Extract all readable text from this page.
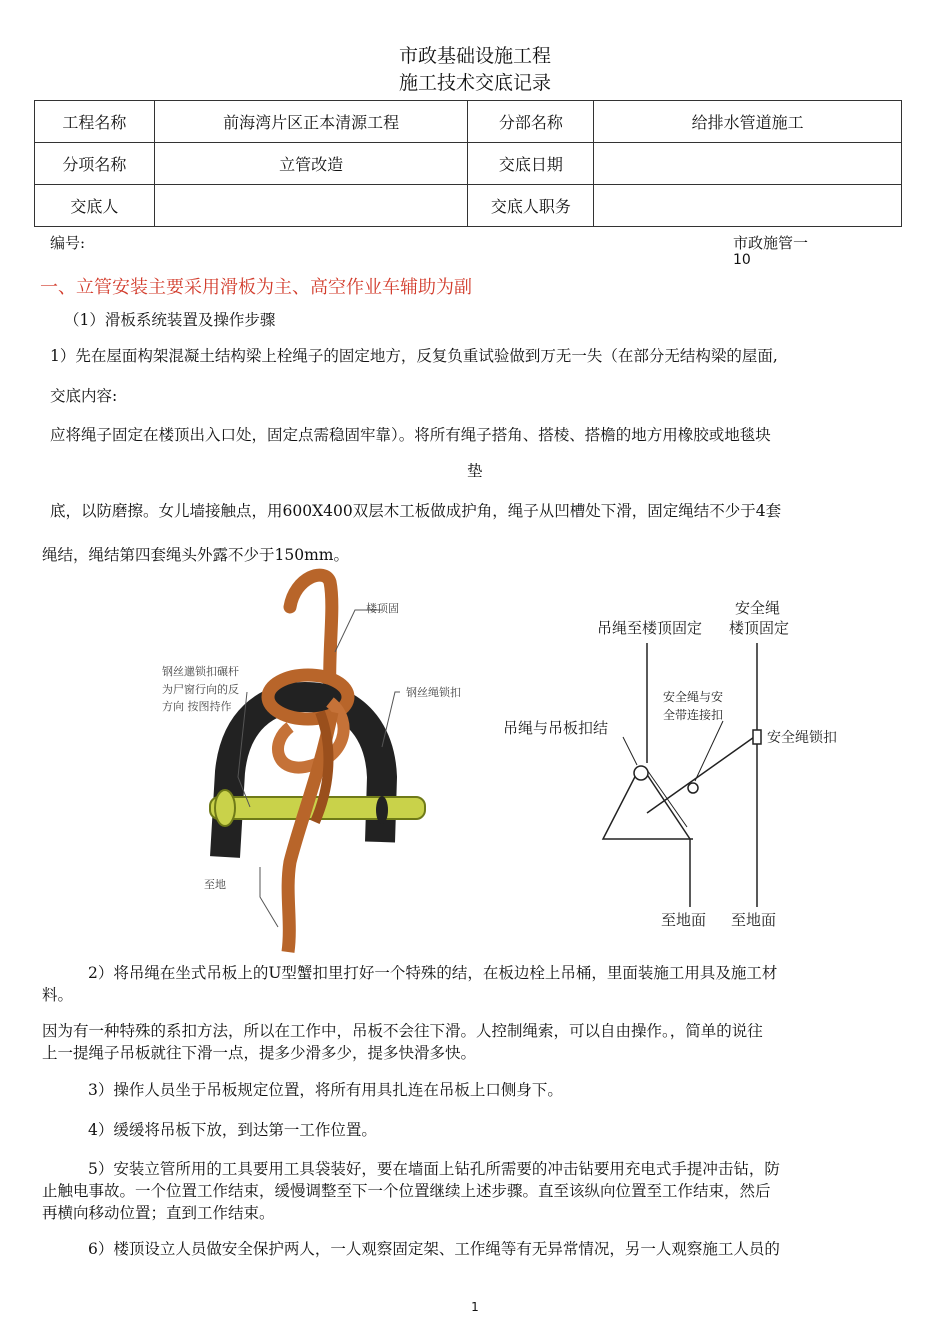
市政基础设施工程
施工技术交底记录
工程名称	前海湾片区正本清源工程	分部名称	给排水管道施工
分项名称	立管改造	交底日期	
交底人		交底人职务	
编号:	市政施管一
10
一、立管安装主要采用滑板为主、高空作业车辅助为副
（1）滑板系统装置及操作步骤
1）先在屋面构架混凝土结构梁上栓绳子的固定地方，反复负重试验做到万无一失（在部分无结构梁的屋面,
交底内容:
应将绳子固定在楼顶出入口处，固定点需稳固牢靠）。将所有绳子搭角、搭棱、搭檐的地方用橡胶或地毯块
垫
底，以防磨擦。女儿墙接触点，用600X400双层木工板做成护角，绳子从凹槽处下滑，固定绳结不少于4套
绳结，绳结第四套绳头外露不少于150mm。
楼顶固
钢丝邋锁扣碾杆
为尸窗行向的反
方向 按图持作
钢丝绳锁扣
至地
吊绳至楼顶固定
安全绳
楼顶固定
安全绳与安
全带连接扣
吊绳与吊板扣结
安全绳锁扣
至地面 至地面
2）将吊绳在坐式吊板上的U型蟹扣里打好一个特殊的结，在板边栓上吊桶，里面装施工用具及施工材
料。
因为有一种特殊的系扣方法，所以在工作中，吊板不会往下滑。人控制绳索，可以自由操作。，简单的说往
上一提绳子吊板就往下滑一点，提多少滑多少，提多快滑多快。
3）操作人员坐于吊板规定位置，将所有用具扎连在吊板上口侧身下。
4）缓缓将吊板下放，到达第一工作位置。
5）安装立管所用的工具要用工具袋装好，要在墙面上钻孔所需要的冲击钻要用充电式手提冲击钻，防
止触电事故。一个位置工作结束，缓慢调整至下一个位置继续上述步骤。直至该纵向位置至工作结束，然后
再横向移动位置；直到工作结束。
6）楼顶设立人员做安全保护两人，一人观察固定架、工作绳等有无异常情况，另一人观察施工人员的
1
